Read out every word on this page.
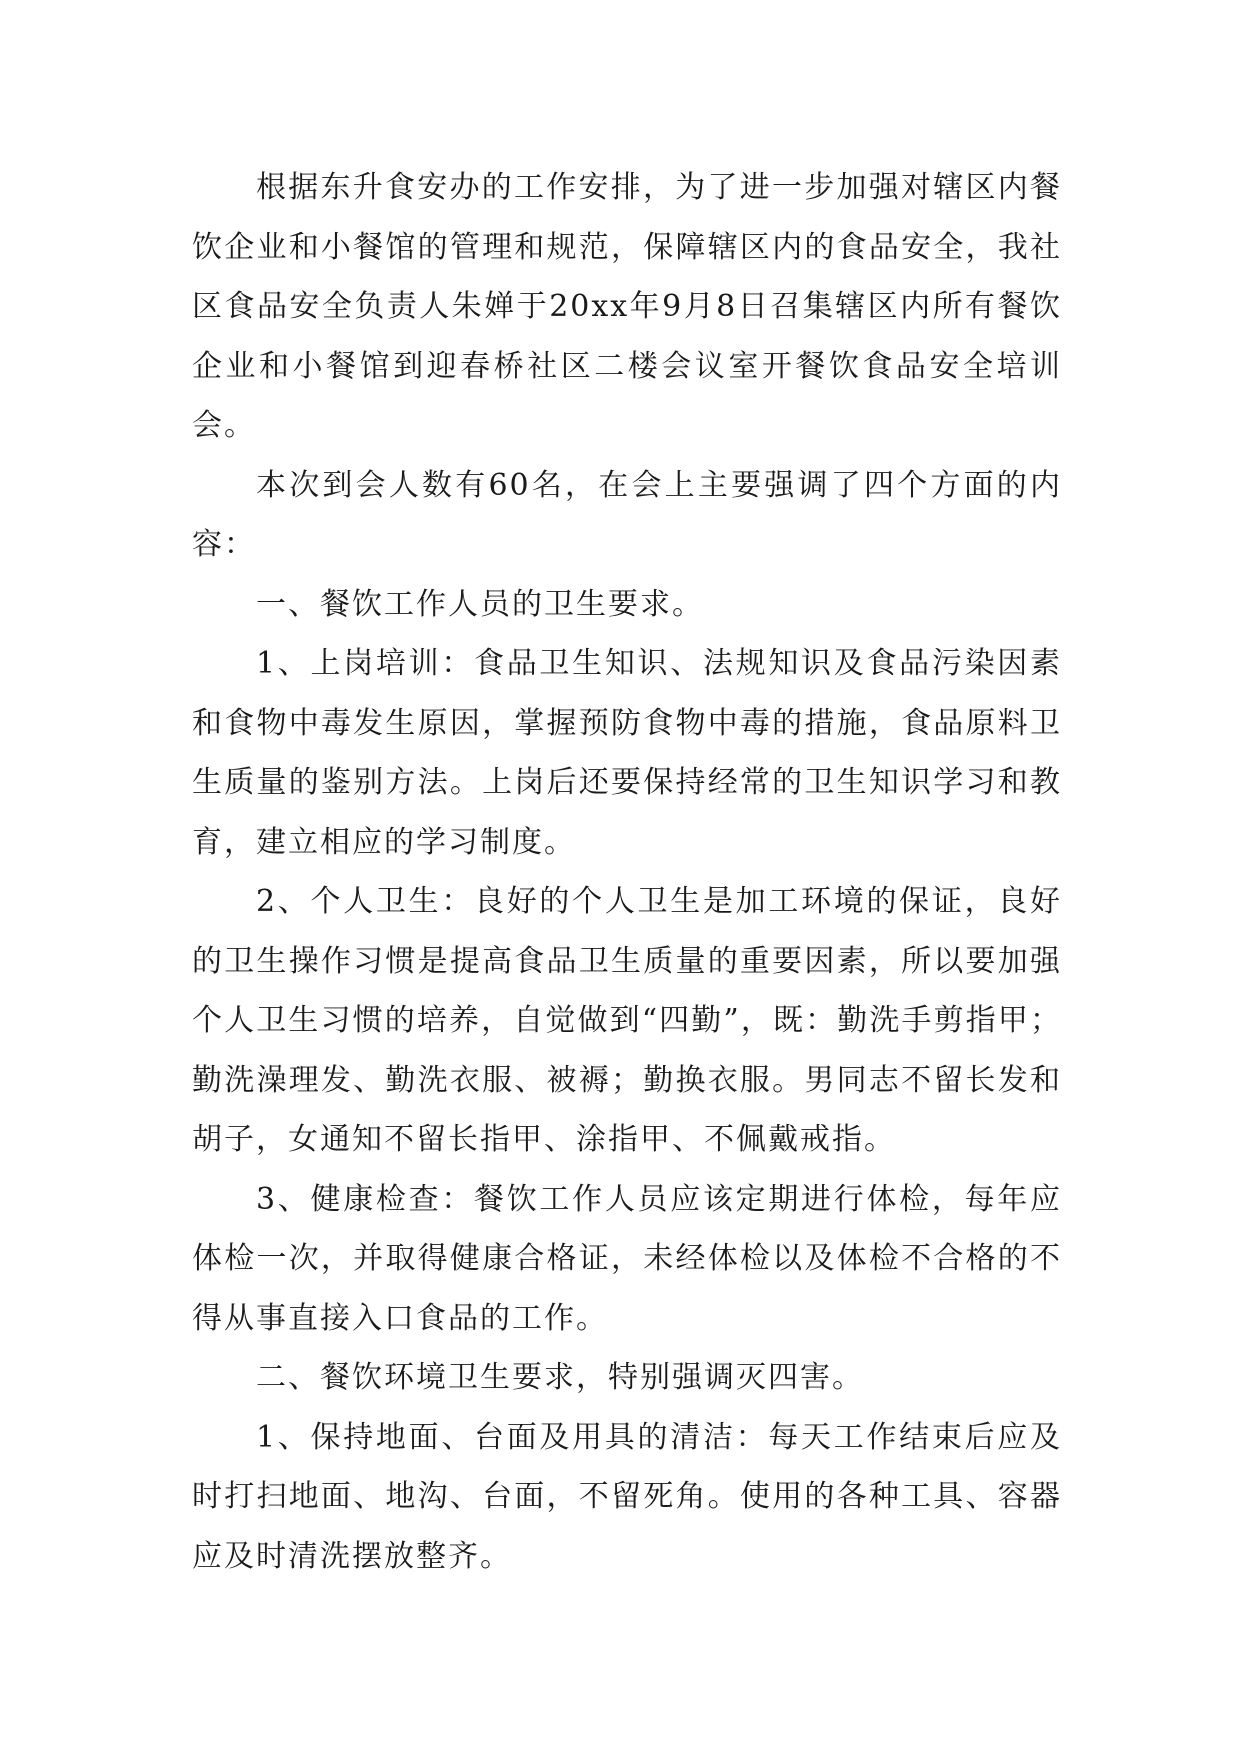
根据东升食安办的工作安排，为了进一步加强对辖区内餐饮企业和小餐馆的管理和规范，保障辖区内的食品安全，我社区食品安全负责人朱婵于20xx年9月8日召集辖区内所有餐饮企业和小餐馆到迎春桥社区二楼会议室开餐饮食品安全培训会。

本次到会人数有60名，在会上主要强调了四个方面的内容：

一、餐饮工作人员的卫生要求。

1、上岗培训：食品卫生知识、法规知识及食品污染因素和食物中毒发生原因，掌握预防食物中毒的措施，食品原料卫生质量的鉴别方法。上岗后还要保持经常的卫生知识学习和教育，建立相应的学习制度。

2、个人卫生：良好的个人卫生是加工环境的保证，良好的卫生操作习惯是提高食品卫生质量的重要因素，所以要加强个人卫生习惯的培养，自觉做到“四勤”，既：勤洗手剪指甲；勤洗澡理发、勤洗衣服、被褥；勤换衣服。男同志不留长发和胡子，女通知不留长指甲、涂指甲、不佩戴戒指。

3、健康检查：餐饮工作人员应该定期进行体检，每年应体检一次，并取得健康合格证，未经体检以及体检不合格的不得从事直接入口食品的工作。

二、餐饮环境卫生要求，特别强调灭四害。

1、保持地面、台面及用具的清洁：每天工作结束后应及时打扫地面、地沟、台面，不留死角。使用的各种工具、容器应及时清洗摆放整齐。
